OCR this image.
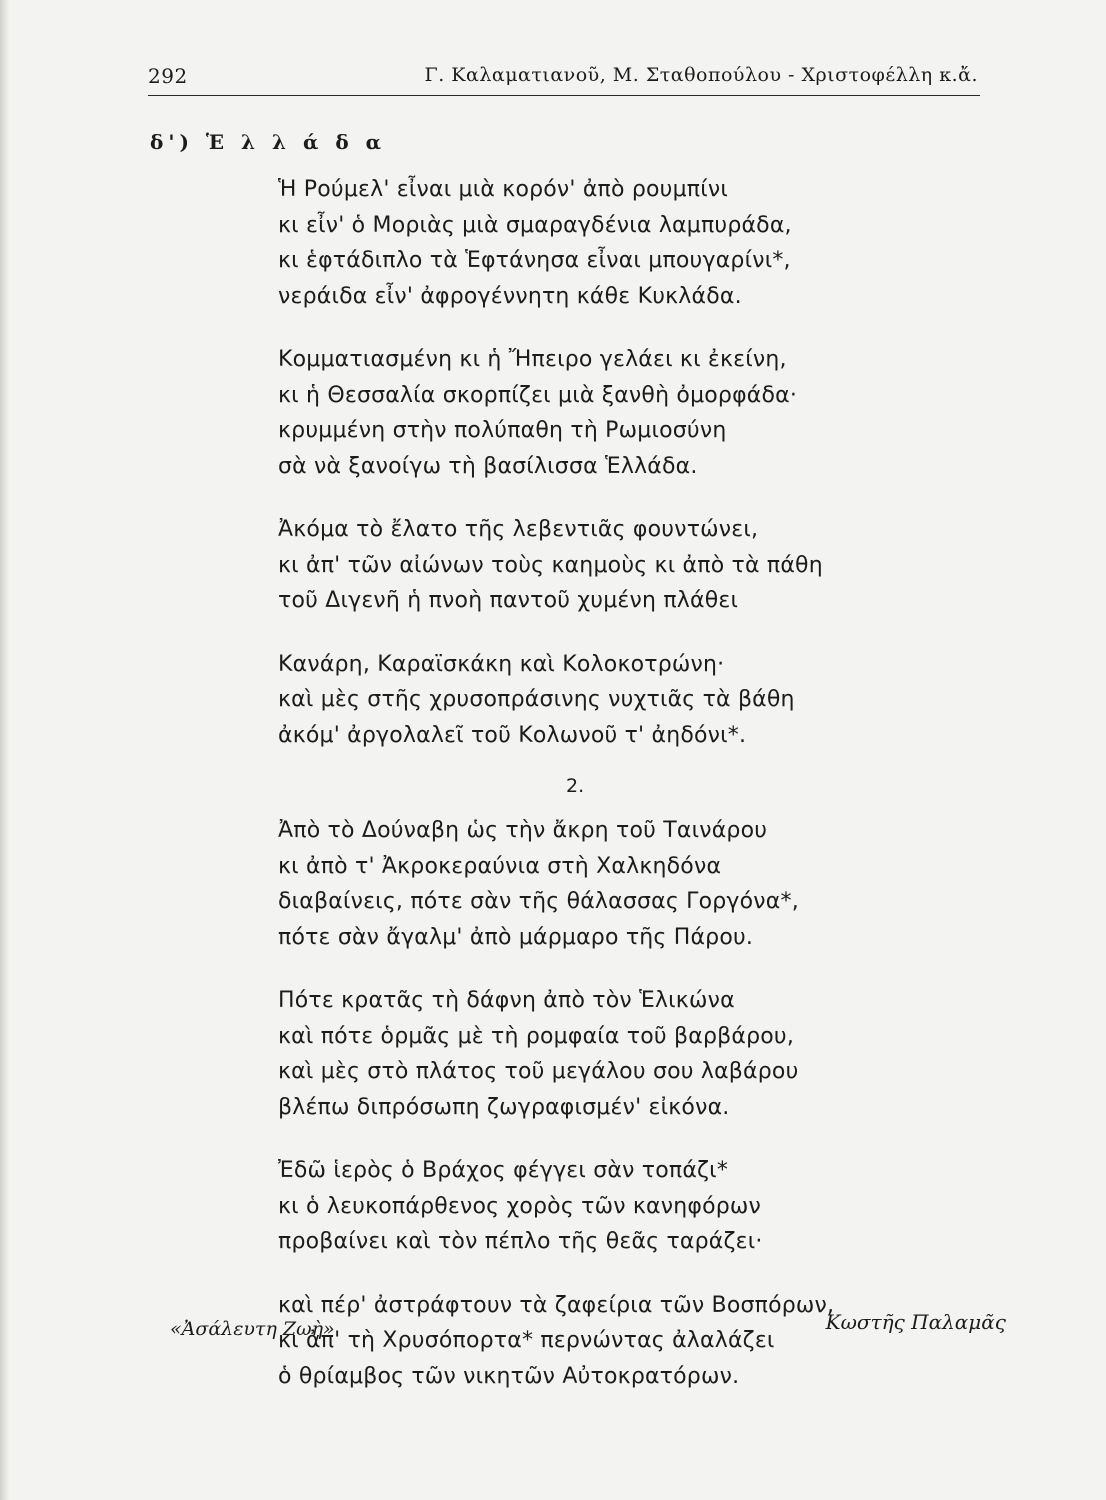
292	Γ. Καλαματιανοῦ, Μ. Σταθοπούλου - Χριστοφέλλη κ.ἄ.
δ') Ἑ λ λ ά δ α
Ἡ Ρούμελ' εἶναι μιὰ κορόν' ἀπὸ ρουμπίνι
κι εἶν' ὁ Μοριὰς μιὰ σμαραγδένια λαμπυράδα,
κι ἑφτάδιπλο τὰ Ἑφτάνησα εἶναι μπουγαρίνι*,
νεράιδα εἶν' ἀφρογέννητη κάθε Κυκλάδα.
Κομματιασμένη κι ἡ Ἤπειρο γελάει κι ἐκείνη,
κι ἡ Θεσσαλία σκορπίζει μιὰ ξανθὴ ὀμορφάδα·
κρυμμένη στὴν πολύπαθη τὴ Ρωμιοσύνη
σὰ νὰ ξανοίγω τὴ βασίλισσα Ἑλλάδα.
Ἀκόμα τὸ ἔλατο τῆς λεβεντιᾶς φουντώνει,
κι ἀπ' τῶν αἰώνων τοὺς καημοὺς κι ἀπὸ τὰ πάθη
τοῦ Διγενῆ ἡ πνοὴ παντοῦ χυμένη πλάθει
Κανάρη, Καραϊσκάκη καὶ Κολοκοτρώνη·
καὶ μὲς στῆς χρυσοπράσινης νυχτιᾶς τὰ βάθη
ἀκόμ' ἀργολαλεῖ τοῦ Κολωνοῦ τ' ἀηδόνι*.
2.
Ἀπὸ τὸ Δούναβη ὡς τὴν ἄκρη τοῦ Ταινάρου
κι ἀπὸ τ' Ἀκροκεραύνια στὴ Χαλκηδόνα
διαβαίνεις, πότε σὰν τῆς θάλασσας Γοργόνα*,
πότε σὰν ἄγαλμ' ἀπὸ μάρμαρο τῆς Πάρου.
Πότε κρατᾶς τὴ δάφνη ἀπὸ τὸν Ἑλικώνα
καὶ πότε ὁρμᾶς μὲ τὴ ρομφαία τοῦ βαρβάρου,
καὶ μὲς στὸ πλάτος τοῦ μεγάλου σου λαβάρου
βλέπω διπρόσωπη ζωγραφισμέν' εἰκόνα.
Ἐδῶ ἱερὸς ὁ Βράχος φέγγει σὰν τοπάζι*
κι ὁ λευκοπάρθενος χορὸς τῶν κανηφόρων
προβαίνει καὶ τὸν πέπλο τῆς θεᾶς ταράζει·
καὶ πέρ' ἀστράφτουν τὰ ζαφείρια τῶν Βοσπόρων,
κι ἀπ' τὴ Χρυσόπορτα* περνώντας ἀλαλάζει
ὁ θρίαμβος τῶν νικητῶν Αὐτοκρατόρων.
«Ἀσάλευτη Ζωὴ»	Κωστῆς Παλαμᾶς
